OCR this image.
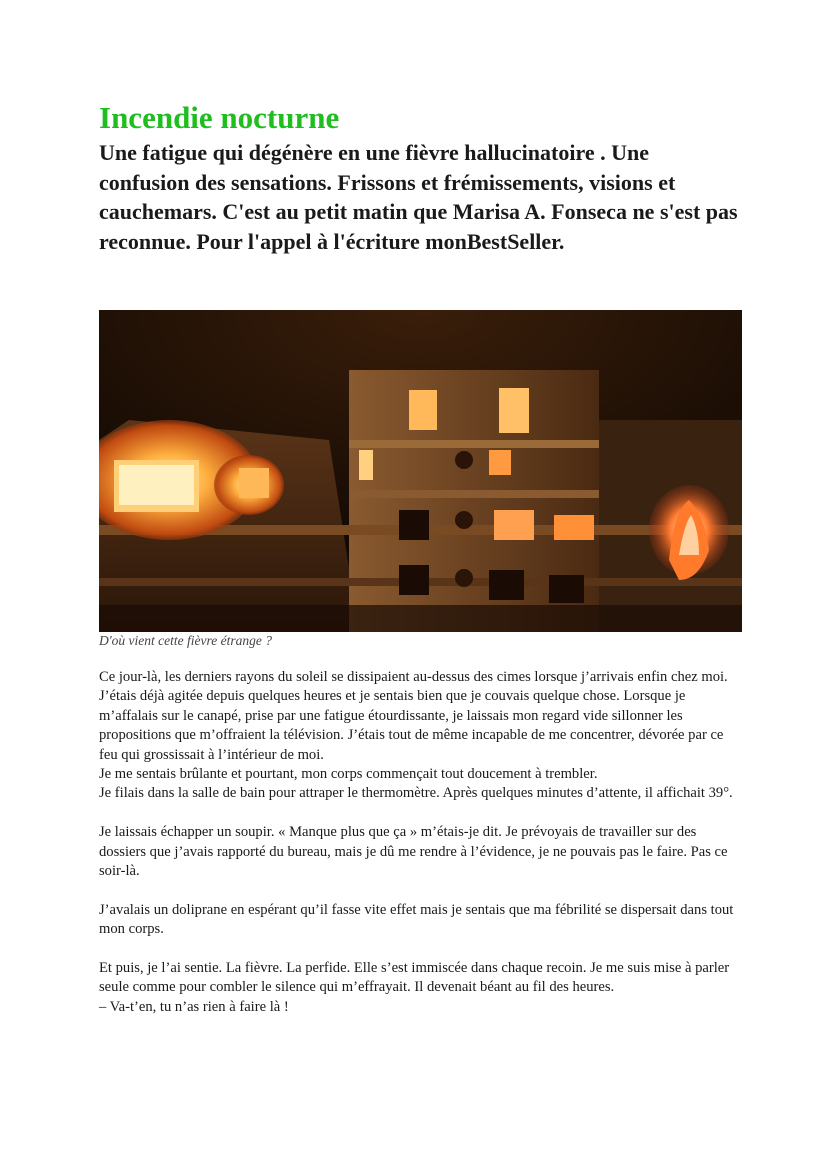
Incendie nocturne

Une fatigue qui dégénère en une fièvre hallucinatoire . Une confusion des sensations. Frissons et frémissements, visions et cauchemars. C'est au petit matin que Marisa A. Fonseca ne s'est pas reconnue. Pour l'appel à l'écriture monBestSeller.

D'où vient cette fièvre étrange ?

Ce jour-là, les derniers rayons du soleil se dissipaient au-dessus des cimes lorsque j’arrivais enfin chez moi. J’étais déjà agitée depuis quelques heures et je sentais bien que je couvais quelque chose. Lorsque je m’affalais sur le canapé, prise par une fatigue étourdissante, je laissais mon regard vide sillonner les propositions que m’offraient la télévision. J’étais tout de même incapable de me concentrer, dévorée par ce feu qui grossissait à l’intérieur de moi.

Je me sentais brûlante et pourtant, mon corps commençait tout doucement à trembler.

Je filais dans la salle de bain pour attraper le thermomètre. Après quelques minutes d’attente, il affichait 39°.

Je laissais échapper un soupir. « Manque plus que ça » m’étais-je dit. Je prévoyais de travailler sur des dossiers que j’avais rapporté du bureau, mais je dû me rendre à l’évidence, je ne pouvais pas le faire. Pas ce soir-là.

J’avalais un doliprane en espérant qu’il fasse vite effet mais je sentais que ma fébrilité se dispersait dans tout mon corps.

Et puis, je l’ai sentie. La fièvre. La perfide. Elle s’est immiscée dans chaque recoin. Je me suis mise à parler seule comme pour combler le silence qui m’effrayait. Il devenait béant au fil des heures.

– Va-t’en, tu n’as rien à faire là !
